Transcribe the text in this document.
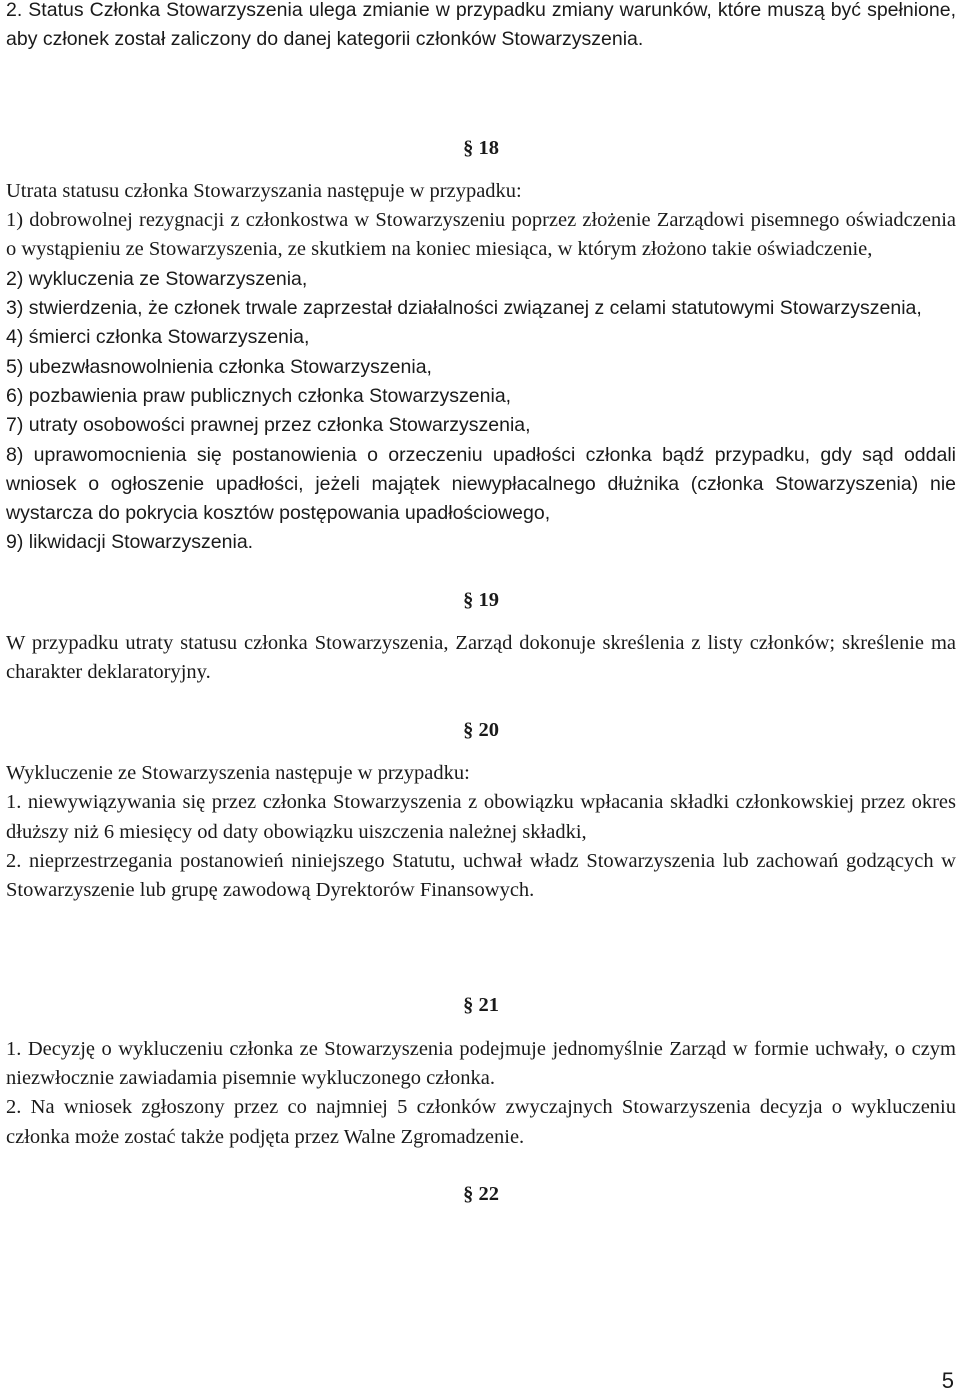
2. Status Członka Stowarzyszenia ulega zmianie w przypadku zmiany warunków, które muszą być spełnione, aby członek został zaliczony do danej kategorii członków Stowarzyszenia.

§ 18

Utrata statusu członka Stowarzyszania następuje w przypadku:

1) dobrowolnej rezygnacji z członkostwa w Stowarzyszeniu poprzez złożenie Zarządowi pisemnego oświadczenia o wystąpieniu ze Stowarzyszenia, ze skutkiem na koniec miesiąca, w którym złożono takie oświadczenie,

2) wykluczenia ze Stowarzyszenia,

3) stwierdzenia, że członek trwale zaprzestał działalności związanej z celami statutowymi Stowarzyszenia,

4) śmierci członka Stowarzyszenia,

5) ubezwłasnowolnienia członka Stowarzyszenia,

6) pozbawienia praw publicznych członka Stowarzyszenia,

7) utraty osobowości prawnej przez członka Stowarzyszenia,

8) uprawomocnienia się postanowienia o orzeczeniu upadłości członka bądź przypadku, gdy sąd oddali wniosek o ogłoszenie upadłości, jeżeli majątek niewypłacalnego dłużnika (członka Stowarzyszenia) nie wystarcza do pokrycia kosztów postępowania upadłościowego,

9) likwidacji Stowarzyszenia.

§ 19

W przypadku utraty statusu członka Stowarzyszenia, Zarząd dokonuje skreślenia z listy członków; skreślenie ma charakter deklaratoryjny.

§ 20

Wykluczenie ze Stowarzyszenia następuje w przypadku:

1. niewywiązywania się przez członka Stowarzyszenia z obowiązku wpłacania składki członkowskiej przez okres dłuższy niż 6 miesięcy od daty obowiązku uiszczenia należnej składki,

2. nieprzestrzegania postanowień niniejszego Statutu, uchwał władz Stowarzyszenia lub zachowań godzących w Stowarzyszenie lub grupę zawodową Dyrektorów Finansowych.

§ 21

1. Decyzję o wykluczeniu członka ze Stowarzyszenia podejmuje jednomyślnie Zarząd w formie uchwały, o czym niezwłocznie zawiadamia pisemnie wykluczonego członka.

2. Na wniosek zgłoszony przez co najmniej 5 członków zwyczajnych Stowarzyszenia decyzja o wykluczeniu członka może zostać także podjęta przez Walne Zgromadzenie.

§ 22

5
